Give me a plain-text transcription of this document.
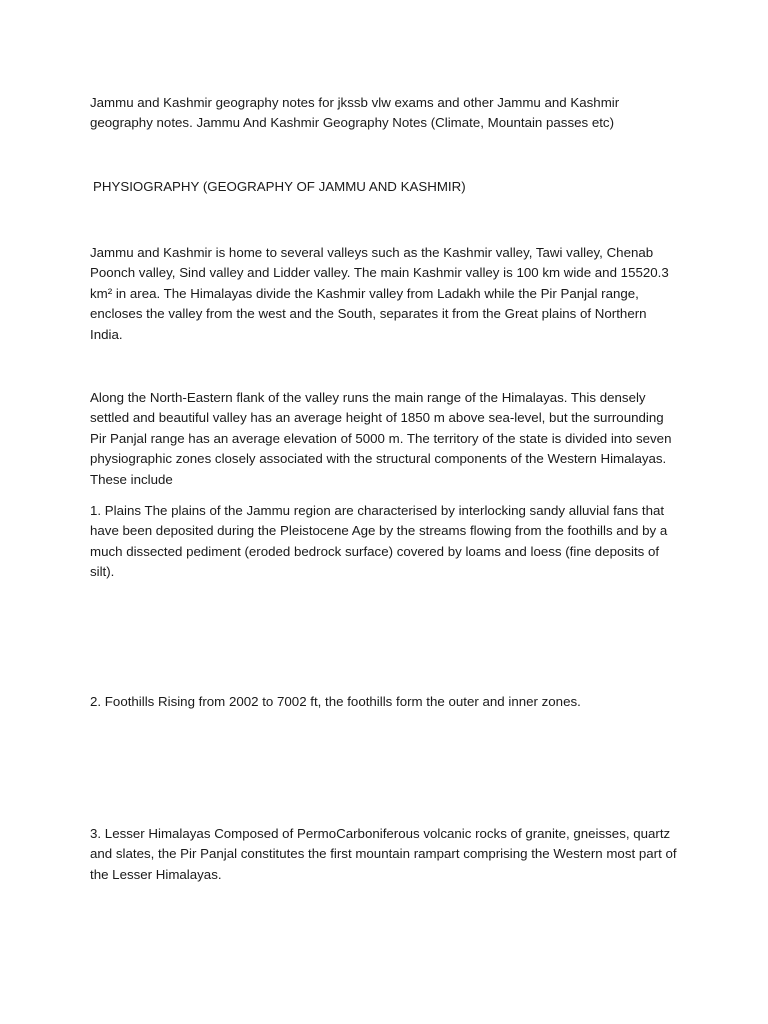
Jammu and Kashmir geography notes for jkssb vlw exams and other Jammu and Kashmir geography notes. Jammu And Kashmir Geography Notes (Climate, Mountain passes etc)

PHYSIOGRAPHY (GEOGRAPHY OF JAMMU AND KASHMIR)

Jammu and Kashmir is home to several valleys such as the Kashmir valley, Tawi valley, Chenab Poonch valley, Sind valley and Lidder valley. The main Kashmir valley is 100 km wide and 15520.3 km² in area. The Himalayas divide the Kashmir valley from Ladakh while the Pir Panjal range, encloses the valley from the west and the South, separates it from the Great plains of Northern India.

Along the North-Eastern flank of the valley runs the main range of the Himalayas. This densely settled and beautiful valley has an average height of 1850 m above sea-level, but the surrounding Pir Panjal range has an average elevation of 5000 m. The territory of the state is divided into seven physiographic zones closely associated with the structural components of the Western Himalayas. These include

1. Plains The plains of the Jammu region are characterised by interlocking sandy alluvial fans that have been deposited during the Pleistocene Age by the streams flowing from the foothills and by a much dissected pediment (eroded bedrock surface) covered by loams and loess (fine deposits of silt).

2. Foothills Rising from 2002 to 7002 ft, the foothills form the outer and inner zones.

3. Lesser Himalayas Composed of PermoCarboniferous volcanic rocks of granite, gneisses, quartz and slates, the Pir Panjal constitutes the first mountain rampart comprising the Western most part of the Lesser Himalayas.
